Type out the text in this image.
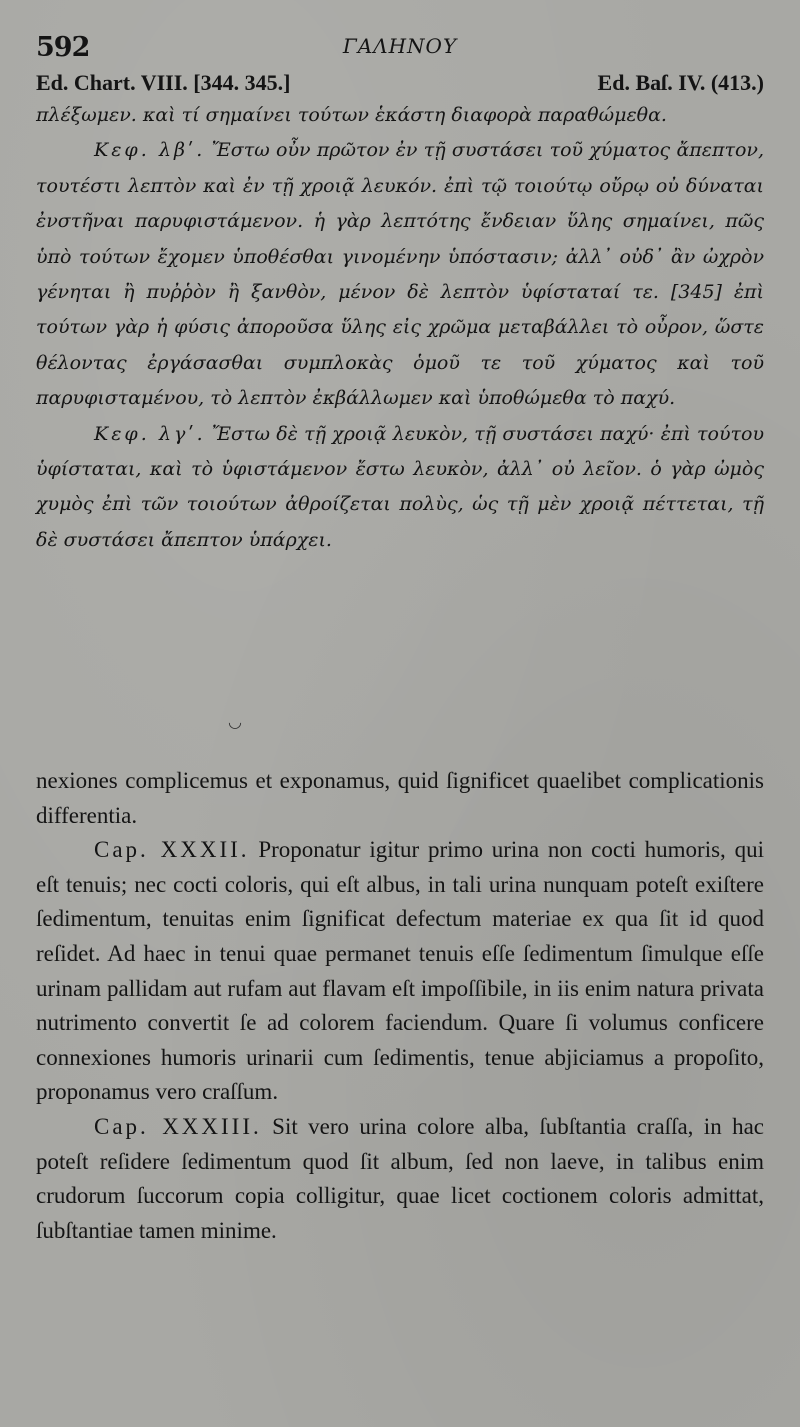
592	ΓΑΛΗΝΟΥ
Ed. Chart. VIII. [344. 345.]	Ed. Baſ. IV. (413.)

πλέξωμεν. καὶ τί σημαίνει τούτων ἑκάστη διαφορὰ παραθώμεθα.

Κεφ. λβʹ. Ἔστω οὖν πρῶτον ἐν τῇ συστάσει τοῦ χύματος ἄπεπτον, τουτέστι λεπτὸν καὶ ἐν τῇ χροιᾷ λευκόν. ἐπὶ τῷ τοιούτῳ οὔρῳ οὐ δύναται ἐνστῆναι παρυφιστάμενον. ἡ γὰρ λεπτότης ἔνδειαν ὕλης σημαίνει, πῶς ὑπὸ τούτων ἔχομεν ὑποθέσθαι γινομένην ὑπόστασιν; ἀλλ᾽ οὐδ᾽ ἂν ὠχρὸν γένηται ἢ πυῤῥὸν ἢ ξανθὸν, μένον δὲ λεπτὸν ὑφίσταταί τε. [345] ἐπὶ τούτων γὰρ ἡ φύσις ἀποροῦσα ὕλης εἰς χρῶμα μεταβάλλει τὸ οὖρον, ὥστε θέλοντας ἐργάσασθαι συμπλοκὰς ὁμοῦ τε τοῦ χύματος καὶ τοῦ παρυφισταμένου, τὸ λεπτὸν ἐκβάλλωμεν καὶ ὑποθώμεθα τὸ παχύ.

Κεφ. λγʹ. Ἔστω δὲ τῇ χροιᾷ λευκὸν, τῇ συστάσει παχύ· ἐπὶ τούτου ὑφίσταται, καὶ τὸ ὑφιστάμενον ἔστω λευκὸν, ἀλλ᾽ οὐ λεῖον. ὁ γὰρ ὠμὸς χυμὸς ἐπὶ τῶν τοιούτων ἀθροίζεται πολὺς, ὡς τῇ μὲν χροιᾷ πέττεται, τῇ δὲ συστάσει ἄπεπτον ὑπάρχει.

◡

nexiones complicemus et exponamus, quid ſignificet quaelibet complicationis differentia.

Cap. XXXII. Proponatur igitur primo urina non cocti humoris, qui eſt tenuis; nec cocti coloris, qui eſt albus, in tali urina nunquam poteſt exiſtere ſedimentum, tenuitas enim ſignificat defectum materiae ex qua ſit id quod reſidet. Ad haec in tenui quae permanet tenuis eſſe ſedimentum ſimulque eſſe urinam pallidam aut rufam aut flavam eſt impoſſibile, in iis enim natura privata nutrimento convertit ſe ad colorem faciendum. Quare ſi volumus conficere connexiones humoris urinarii cum ſedimentis, tenue abjiciamus a propoſito, proponamus vero craſſum.

Cap. XXXIII. Sit vero urina colore alba, ſubſtantia craſſa, in hac poteſt reſidere ſedimentum quod ſit album, ſed non laeve, in talibus enim crudorum ſuccorum copia colligitur, quae licet coctionem coloris admittat, ſubſtantiae tamen minime.
